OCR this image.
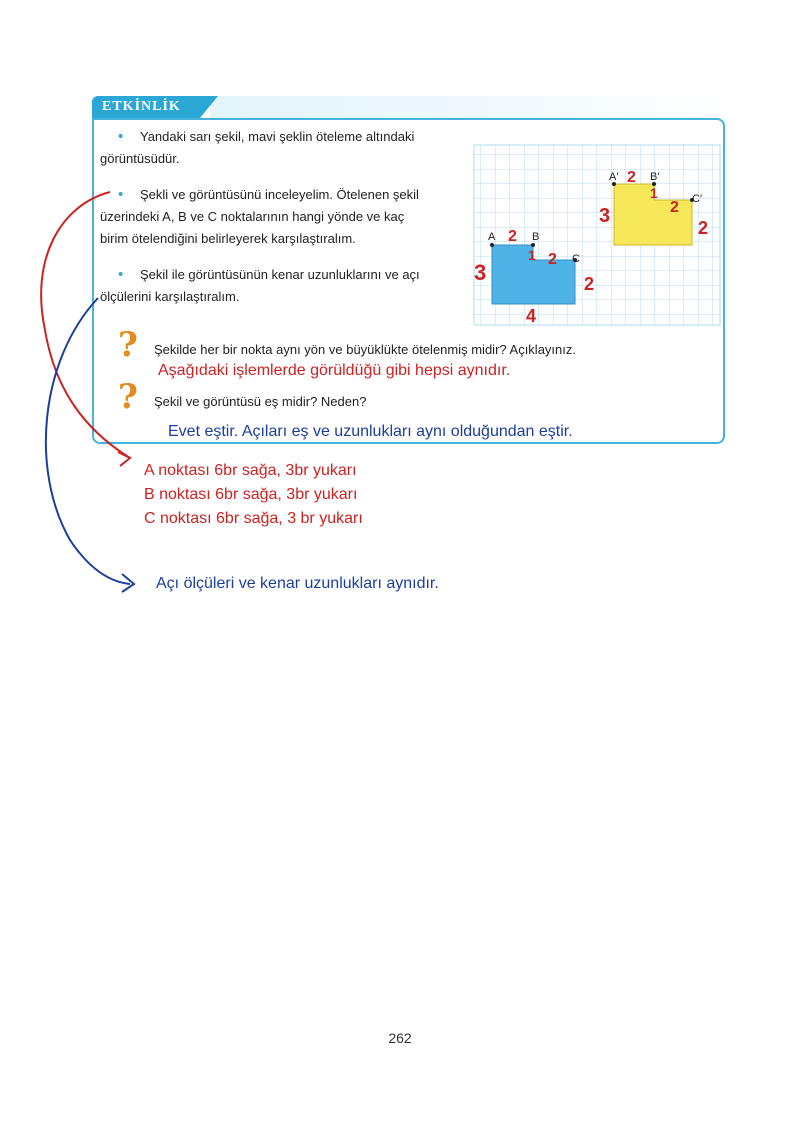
ETKİNLİK
• Yandaki sarı şekil, mavi şeklin öteleme altındaki
görüntüsüdür.
• Şekli ve görüntüsünü inceleyelim. Ötelenen şekil
üzerindeki A, B ve C noktalarının hangi yönde ve kaç
birim ötelendiğini belirleyerek karşılaştıralım.
• Şekil ile görüntüsünün kenar uzunluklarını ve açı
ölçülerini karşılaştıralım.
A	B
C
A′	B′
C′
2
1 2
3	2
4
2
1
2
3
2
? Şekilde her bir nokta aynı yön ve büyüklükte ötelenmiş midir? Açıklayınız.
Aşağıdaki işlemlerde görüldüğü gibi hepsi aynıdır.
? Şekil ve görüntüsü eş midir? Neden?
Evet eştir. Açıları eş ve uzunlukları aynı olduğundan eştir.
A noktası 6br sağa, 3br yukarı
B noktası 6br sağa, 3br yukarı
C noktası 6br sağa, 3 br yukarı
Açı ölçüleri ve kenar uzunlukları aynıdır.
262
